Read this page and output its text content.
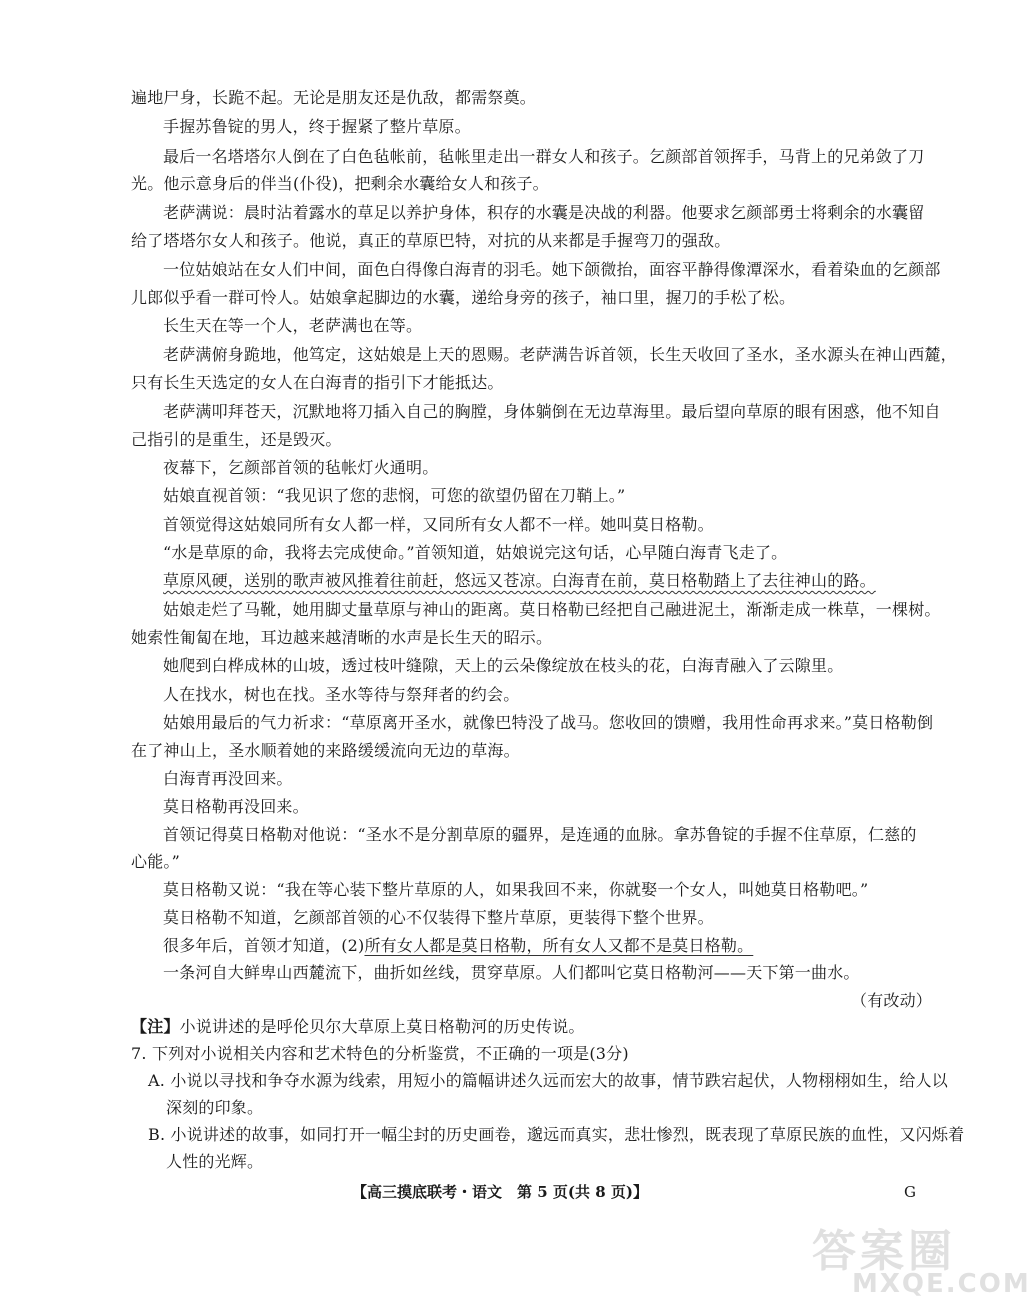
遍地尸身，长跪不起。无论是朋友还是仇敌，都需祭奠。
手握苏鲁锭的男人，终于握紧了整片草原。
最后一名塔塔尔人倒在了白色毡帐前，毡帐里走出一群女人和孩子。乞颜部首领挥手，马背上的兄弟敛了刀
光。他示意身后的伴当(仆役)，把剩余水囊给女人和孩子。
老萨满说：晨时沾着露水的草足以养护身体，积存的水囊是决战的利器。他要求乞颜部勇士将剩余的水囊留
给了塔塔尔女人和孩子。他说，真正的草原巴特，对抗的从来都是手握弯刀的强敌。
一位姑娘站在女人们中间，面色白得像白海青的羽毛。她下颌微抬，面容平静得像潭深水，看着染血的乞颜部
儿郎似乎看一群可怜人。姑娘拿起脚边的水囊，递给身旁的孩子，袖口里，握刀的手松了松。
长生天在等一个人，老萨满也在等。
老萨满俯身跪地，他笃定，这姑娘是上天的恩赐。老萨满告诉首领，长生天收回了圣水，圣水源头在神山西麓，
只有长生天选定的女人在白海青的指引下才能抵达。
老萨满叩拜苍天，沉默地将刀插入自己的胸膛，身体躺倒在无边草海里。最后望向草原的眼有困惑，他不知自
己指引的是重生，还是毁灭。
夜幕下，乞颜部首领的毡帐灯火通明。
姑娘直视首领：“我见识了您的悲悯，可您的欲望仍留在刀鞘上。”
首领觉得这姑娘同所有女人都一样，又同所有女人都不一样。她叫莫日格勒。
“水是草原的命，我将去完成使命。”首领知道，姑娘说完这句话，心早随白海青飞走了。
草原风硬，送别的歌声被风推着往前赶，悠远又苍凉。白海青在前，莫日格勒踏上了去往神山的路。
姑娘走烂了马靴，她用脚丈量草原与神山的距离。莫日格勒已经把自己融进泥土，渐渐走成一株草，一棵树。
她索性匍匐在地，耳边越来越清晰的水声是长生天的昭示。
她爬到白桦成林的山坡，透过枝叶缝隙，天上的云朵像绽放在枝头的花，白海青融入了云隙里。
人在找水，树也在找。圣水等待与祭拜者的约会。
姑娘用最后的气力祈求：“草原离开圣水，就像巴特没了战马。您收回的馈赠，我用性命再求来。”莫日格勒倒
在了神山上，圣水顺着她的来路缓缓流向无边的草海。
白海青再没回来。
莫日格勒再没回来。
首领记得莫日格勒对他说：“圣水不是分割草原的疆界，是连通的血脉。拿苏鲁锭的手握不住草原，仁慈的
心能。”
莫日格勒又说：“我在等心装下整片草原的人，如果我回不来，你就娶一个女人，叫她莫日格勒吧。”
莫日格勒不知道，乞颜部首领的心不仅装得下整片草原，更装得下整个世界。
很多年后，首领才知道，(2)所有女人都是莫日格勒，所有女人又都不是莫日格勒。
一条河自大鲜卑山西麓流下，曲折如丝线，贯穿草原。人们都叫它莫日格勒河——天下第一曲水。
（有改动）
【注】小说讲述的是呼伦贝尔大草原上莫日格勒河的历史传说。
7. 下列对小说相关内容和艺术特色的分析鉴赏，不正确的一项是(3分)
A. 小说以寻找和争夺水源为线索，用短小的篇幅讲述久远而宏大的故事，情节跌宕起伏，人物栩栩如生，给人以
深刻的印象。
B. 小说讲述的故事，如同打开一幅尘封的历史画卷，邈远而真实，悲壮惨烈，既表现了草原民族的血性，又闪烁着
人性的光辉。
【高三摸底联考・语文　第 5 页(共 8 页)】	G
答案圈
MXQE.COM
